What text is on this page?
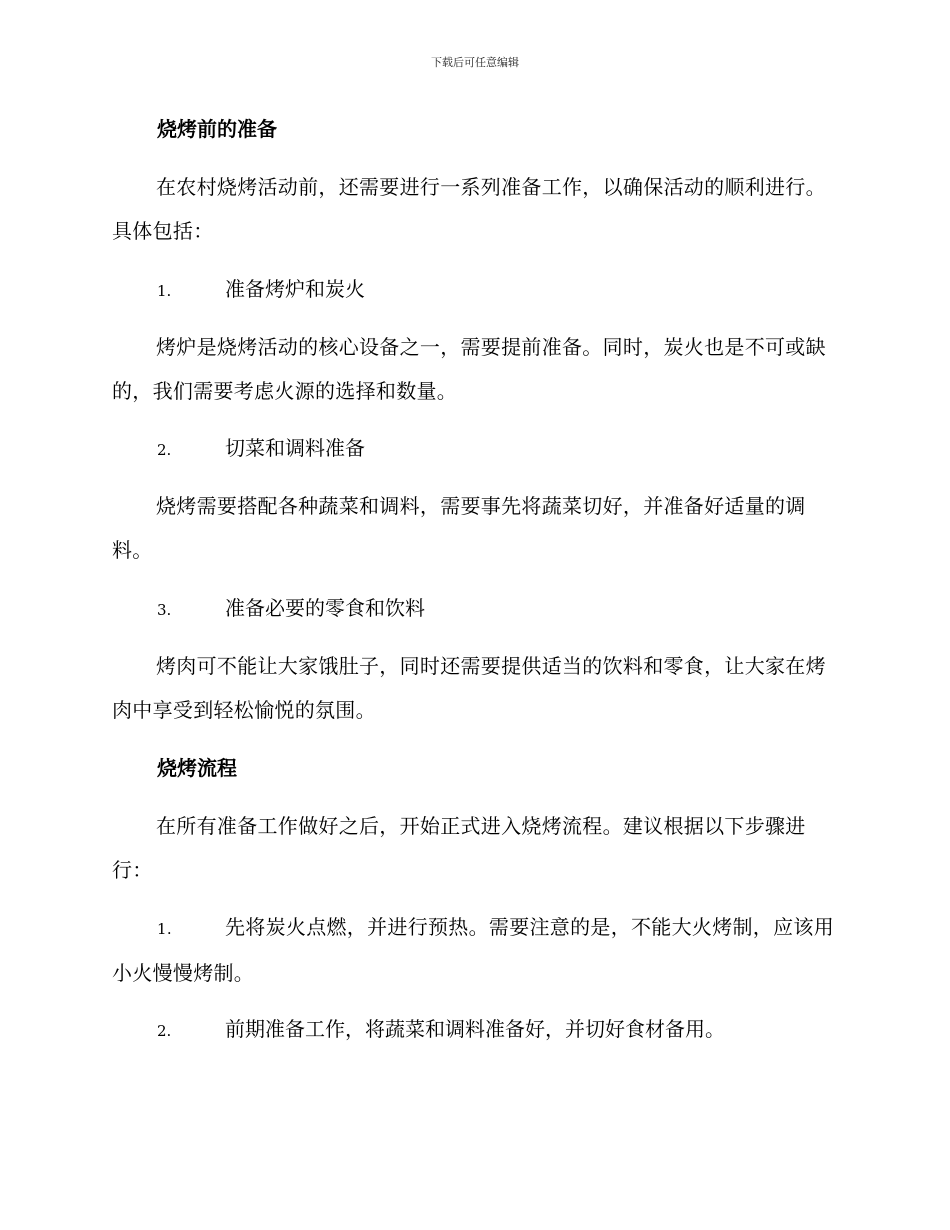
下载后可任意编辑
烧烤前的准备
在农村烧烤活动前，还需要进行一系列准备工作，以确保活动的顺利进行。具体包括：
1.	准备烤炉和炭火
烤炉是烧烤活动的核心设备之一，需要提前准备。同时，炭火也是不可或缺的，我们需要考虑火源的选择和数量。
2.	切菜和调料准备
烧烤需要搭配各种蔬菜和调料，需要事先将蔬菜切好，并准备好适量的调料。
3.	准备必要的零食和饮料
烤肉可不能让大家饿肚子，同时还需要提供适当的饮料和零食，让大家在烤肉中享受到轻松愉悦的氛围。
烧烤流程
在所有准备工作做好之后，开始正式进入烧烤流程。建议根据以下步骤进行：
1.	先将炭火点燃，并进行预热。需要注意的是，不能大火烤制，应该用小火慢慢烤制。
2.	前期准备工作，将蔬菜和调料准备好，并切好食材备用。
